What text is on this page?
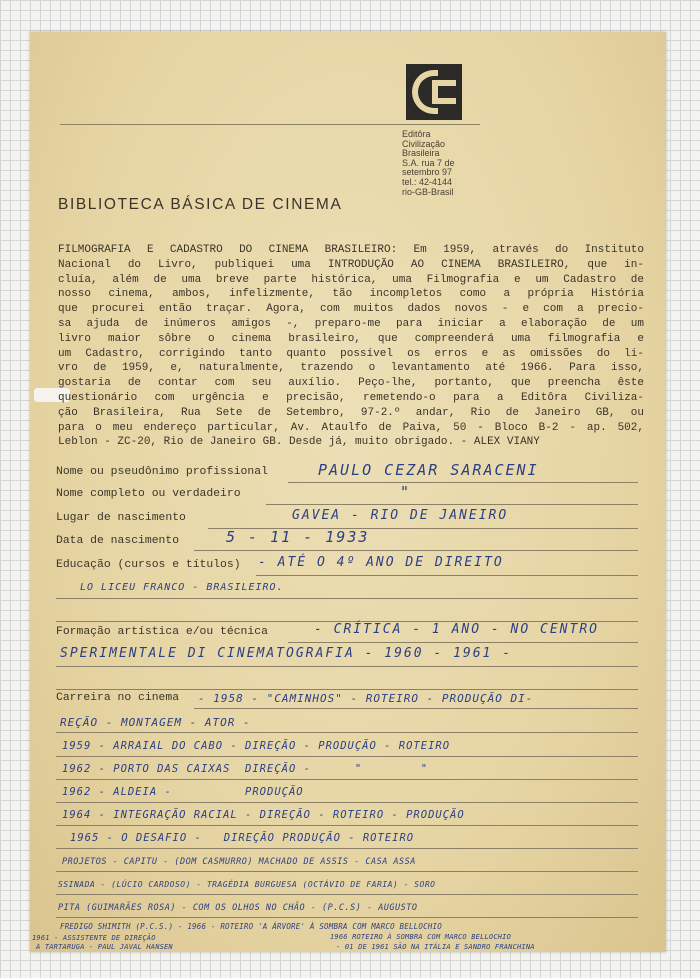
Editôra
Civilização
Brasileira
S.A. rua 7 de
setembro 97
tel.: 42-4144
rio-GB-Brasil
BIBLIOTECA BÁSICA DE CINEMA
FILMOGRAFIA E CADASTRO DO CINEMA BRASILEIRO: Em 1959, através do Instituto
Nacional do Livro, publiquei uma INTRODUÇÃO AO CINEMA BRASILEIRO, que in-
cluía, além de uma breve parte histórica, uma Filmografia e um Cadastro de
nosso cinema, ambos, infelizmente, tão incompletos como a própria História
que procurei então traçar. Agora, com muitos dados novos - e com a precio-
sa ajuda de inúmeros amigos -, preparo-me para iniciar a elaboração de um
livro maior sôbre o cinema brasileiro, que compreenderá uma filmografia e
um Cadastro, corrigindo tanto quanto possível os erros e as omissões do li-
vro de 1959, e, naturalmente, trazendo o levantamento até 1966. Para isso,
gostaria de contar com seu auxílio. Peço-lhe, portanto, que preencha êste
questionário com urgência e precisão, remetendo-o para a Editôra Civiliza-
ção Brasileira, Rua Sete de Setembro, 97-2.º andar, Rio de Janeiro GB, ou
para o meu endereço particular, Av. Ataulfo de Paiva, 50 - Bloco B-2 - ap. 502,
Leblon - ZC-20, Rio de Janeiro GB. Desde já, muito obrigado. - ALEX VIANY
Nome ou pseudônimo profissional	PAULO CEZAR SARACENI
Nome completo ou verdadeiro	"
Lugar de nascimento	GAVEA - RIO DE JANEIRO
Data de nascimento	5 - 11 - 1933
Educação (cursos e títulos) - ATÉ O 4º ANO DE DIREITO
LO LICEU FRANCO - BRASILEIRO.
Formação artística e/ou técnica	- CRÍTICA - 1 ANO - NO CENTRO
SPERIMENTALE DI CINEMATOGRAFIA - 1960 - 1961 -
Carreira no cinema - 1958 - "CAMINHOS" - ROTEIRO - PRODUÇÃO DI-
REÇÃO - MONTAGEM - ATOR -
1959 - ARRAIAL DO CABO - DIREÇÃO - PRODUÇÃO - ROTEIRO
1962 - PORTO DAS CAIXAS  DIREÇÃO -      "        "
1962 - ALDEIA -          PRODUÇÃO
1964 - INTEGRAÇÃO RACIAL - DIREÇÃO - ROTEIRO - PRODUÇÃO
1965 - O DESAFIO -   DIREÇÃO PRODUÇÃO - ROTEIRO
PROJETOS - CAPITU - (DOM CASMURRO) MACHADO DE ASSIS - CASA ASSA
SSINADA - (LÚCIO CARDOSO) - TRAGÉDIA BURGUESA (OCTÁVIO DE FARIA) - SORO
PITA (GUIMARÃES ROSA) - COM OS OLHOS NO CHÃO - (P.C.S) - AUGUSTO
FREDIGO SHIMITH (P.C.S.) - 1966 - ROTEIRO 'A ÁRVORE' À SOMBRA COM MARCO BELLOCHIO
1961 - ASSISTENTE DE DIREÇÃO
A TARTARUGA - PAUL JAVAL HANSEN
1966 ROTEIRO À SOMBRA COM MARCO BELLOCHIO
- 01 DE 1961 SÃO NA ITÁLIA E SANDRO FRANCHINA
